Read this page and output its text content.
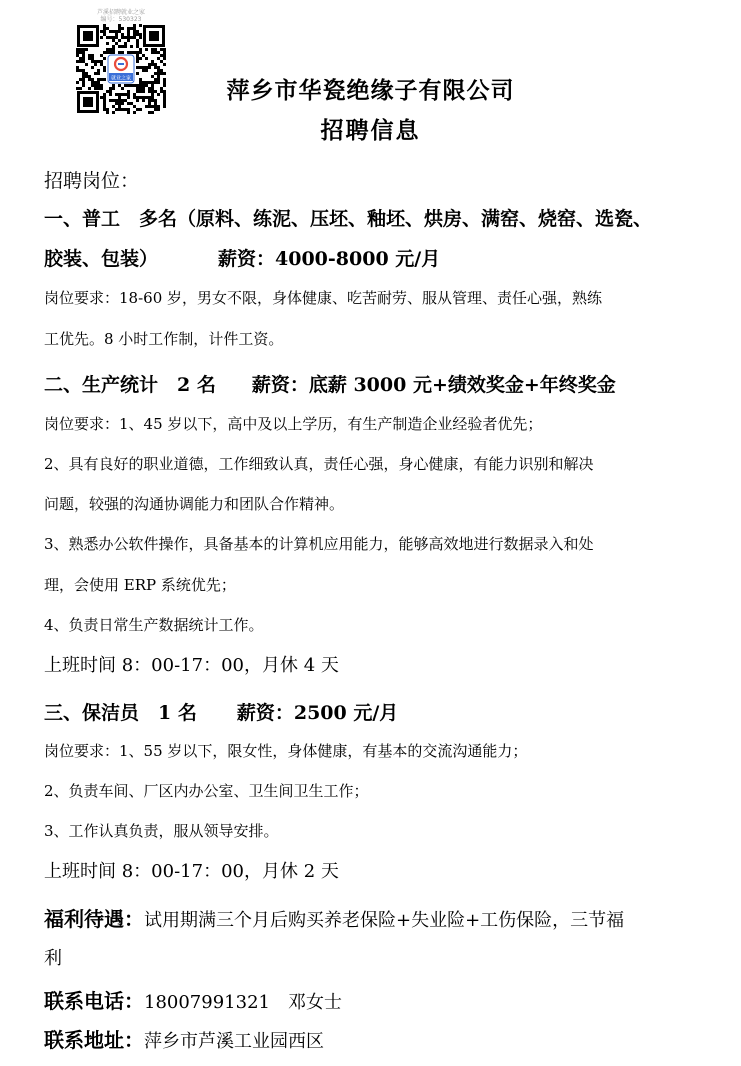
芦溪招聘就业之家
编号：530323
就业之家	萍乡市华瓷绝缘子有限公司
招聘信息
招聘岗位：
一、普工　多名（原料、练泥、压坯、釉坯、烘房、满窑、烧窑、选瓷、
胶装、包装）	薪资：4000-8000 元/月
岗位要求：18-60 岁，男女不限，身体健康、吃苦耐劳、服从管理、责任心强，熟练
工优先。8 小时工作制，计件工资。
二、生产统计　2 名 薪资：底薪 3000 元+绩效奖金+年终奖金
岗位要求：1、45 岁以下，高中及以上学历，有生产制造企业经验者优先；
2、具有良好的职业道德，工作细致认真，责任心强，身心健康，有能力识别和解决
问题，较强的沟通协调能力和团队合作精神。
3、熟悉办公软件操作，具备基本的计算机应用能力，能够高效地进行数据录入和处
理，会使用 ERP 系统优先；
4、负责日常生产数据统计工作。
上班时间 8：00-17：00，月休 4 天
三、保洁员　1 名 薪资：2500 元/月
岗位要求：1、55 岁以下，限女性，身体健康，有基本的交流沟通能力；
2、负责车间、厂区内办公室、卫生间卫生工作；
3、工作认真负责，服从领导安排。
上班时间 8：00-17：00，月休 2 天
福利待遇：试用期满三个月后购买养老保险+失业险+工伤保险，三节福
利
联系电话：18007991321　邓女士
联系地址：萍乡市芦溪工业园西区
